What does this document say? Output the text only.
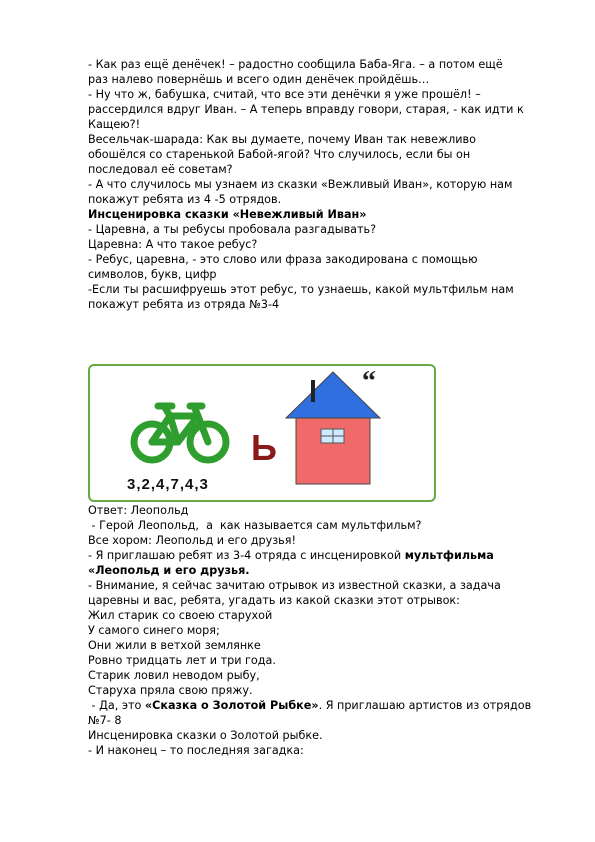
- Как раз ещё денёчек! – радостно сообщила Баба-Яга. – а потом ещё
раз налево повернёшь и всего один денёчек пройдёшь…
- Ну что ж, бабушка, считай, что все эти денёчки я уже прошёл! –
рассердился вдруг Иван. – А теперь вправду говори, старая, - как идти к
Кащею?!
Весельчак-шарада: Как вы думаете, почему Иван так невежливо
обошёлся со старенькой Бабой-ягой? Что случилось, если бы он
последовал её советам?
- А что случилось мы узнаем из сказки «Вежливый Иван», которую нам
покажут ребята из 4 -5 отрядов.
Инсценировка сказки «Невежливый Иван»
- Царевна, а ты ребусы пробовала разгадывать?
Царевна: А что такое ребус?
- Ребус, царевна, - это слово или фраза закодирована с помощью
символов, букв, цифр
-Если ты расшифруешь этот ребус, то узнаешь, какой мультфильм нам
покажут ребята из отряда №3-4
“
Ь
3,2,4,7,4,3
Ответ: Леопольд
- Герой Леопольд,  а  как называется сам мультфильм?
Все хором: Леопольд и его друзья!
- Я приглашаю ребят из 3-4 отряда с инсценировкой мультфильма
«Леопольд и его друзья.
- Внимание, я сейчас зачитаю отрывок из известной сказки, а задача
царевны и вас, ребята, угадать из какой сказки этот отрывок:
Жил старик со своею старухой
У самого синего моря;
Они жили в ветхой землянке
Ровно тридцать лет и три года.
Старик ловил неводом рыбу,
Старуха пряла свою пряжу.
- Да, это «Сказка о Золотой Рыбке». Я приглашаю артистов из отрядов
№7- 8
Инсценировка сказки о Золотой рыбке.
- И наконец – то последняя загадка:
